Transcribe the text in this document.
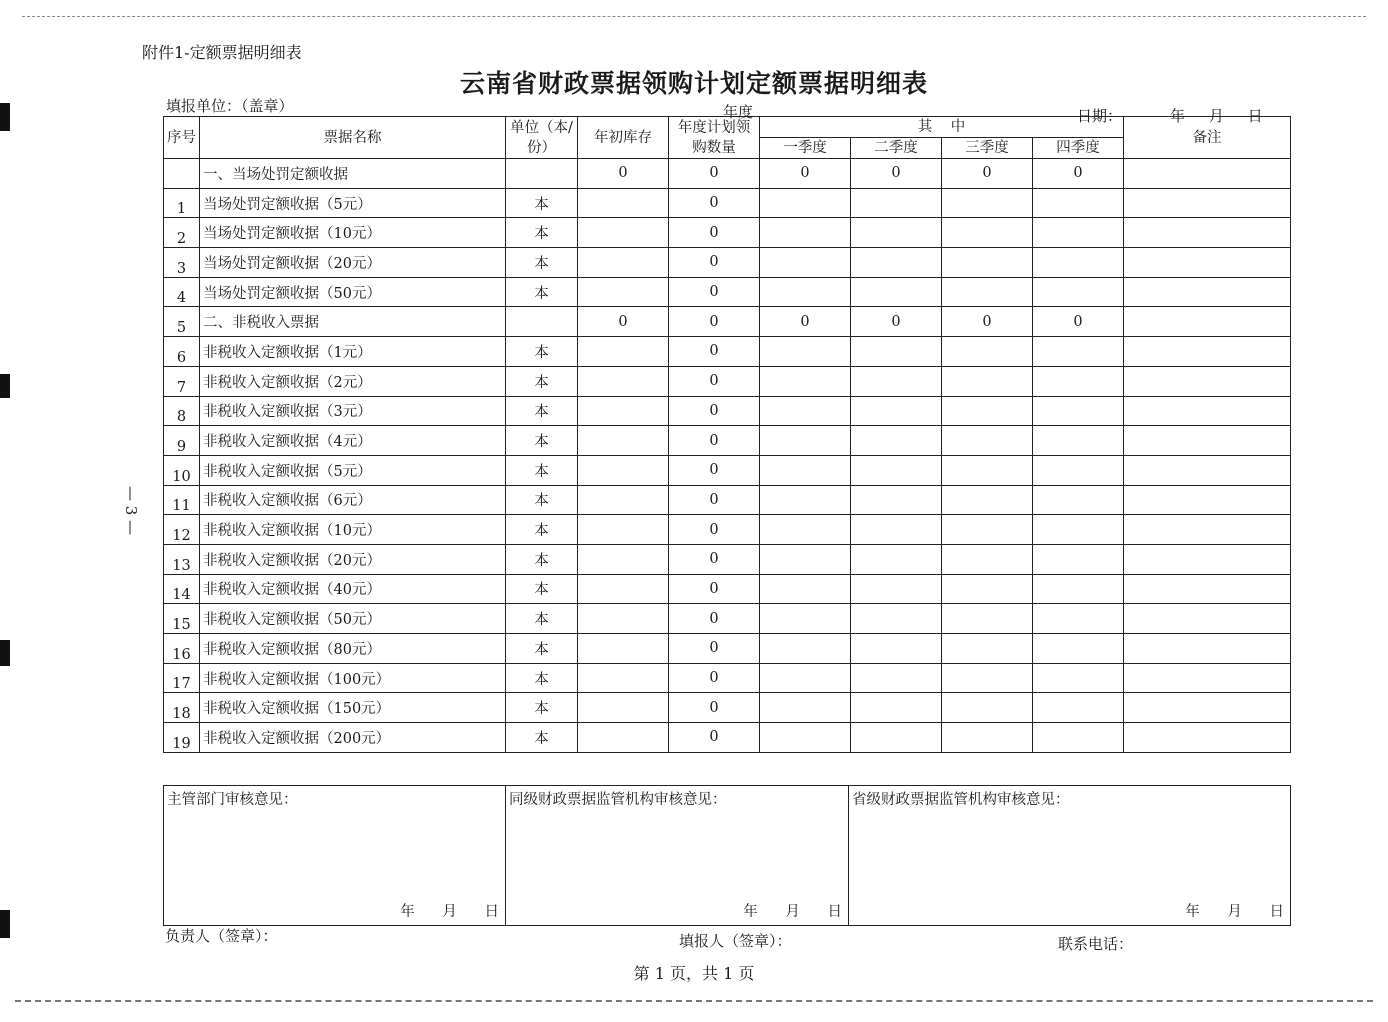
附件1-定额票据明细表
云南省财政票据领购计划定额票据明细表
填报单位：（盖章）	年度	日期：	年     月     日
— 3 —
序号	票据名称	单位（本/份）	年初库存	年度计划领购数量	其    中				备注
					一季度	二季度	三季度	四季度	
	一、当场处罚定额收据		0	0	0	0	0	0	
1	当场处罚定额收据（5元）	本		0					
2	当场处罚定额收据（10元）	本		0					
3	当场处罚定额收据（20元）	本		0					
4	当场处罚定额收据（50元）	本		0					
5	二、非税收入票据		0	0	0	0	0	0	
6	非税收入定额收据（1元）	本		0					
7	非税收入定额收据（2元）	本		0					
8	非税收入定额收据（3元）	本		0					
9	非税收入定额收据（4元）	本		0					
10	非税收入定额收据（5元）	本		0					
11	非税收入定额收据（6元）	本		0					
12	非税收入定额收据（10元）	本		0					
13	非税收入定额收据（20元）	本		0					
14	非税收入定额收据（40元）	本		0					
15	非税收入定额收据（50元）	本		0					
16	非税收入定额收据（80元）	本		0					
17	非税收入定额收据（100元）	本		0					
18	非税收入定额收据（150元）	本		0					
19	非税收入定额收据（200元）	本		0					
主管部门审核意见：
年      月      日
	同级财政票据监管机构审核意见：
年      月      日
	省级财政票据监管机构审核意见：
年      月      日
负责人（签章）：	填报人（签章）：	联系电话：
第 1 页，共 1 页
